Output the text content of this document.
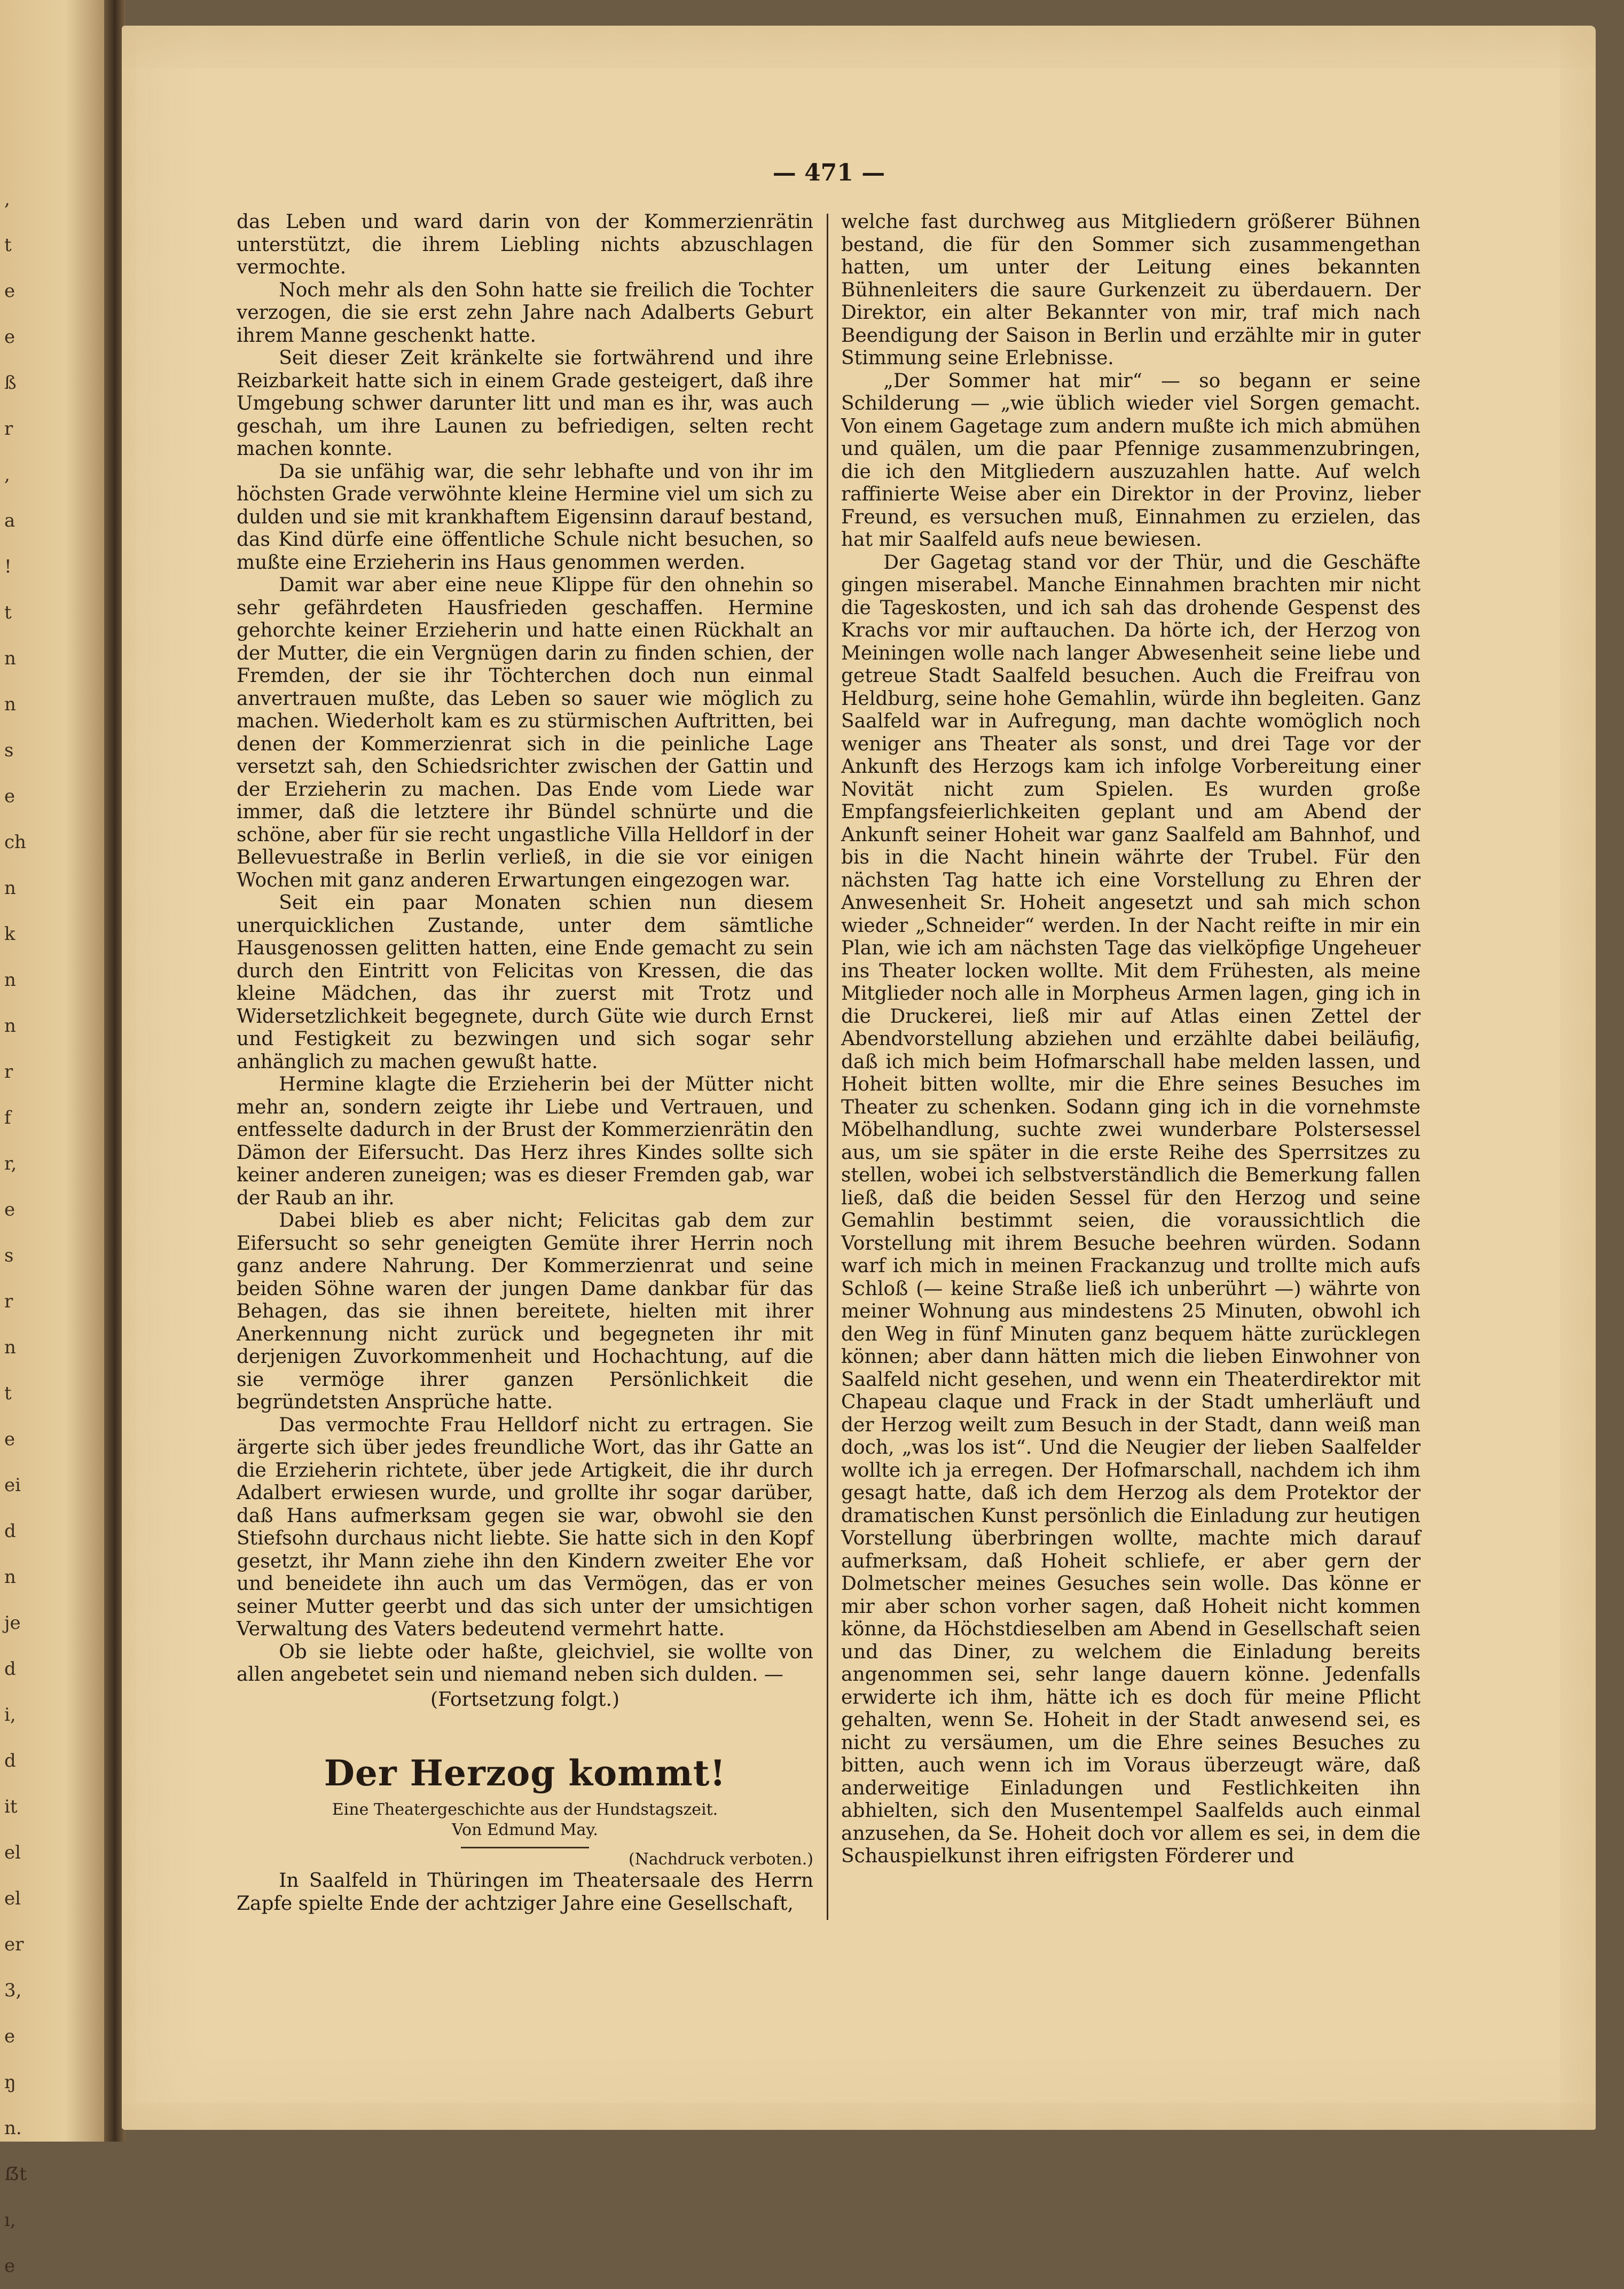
,
t
e
e
ß
r
,
a
!
t
n
n
s
e
ch
n
k
n
n
r
f
r,
e
s
r
n
t
e
ei
d
n
je
d
i,
d
it
el
el
er
3,
e
ŋ
n.
ẞt
ı,
e
— 471 —

das Leben und ward darin von der Kommerzienrätin unterstützt, die ihrem Liebling nichts abzuschlagen vermochte.

Noch mehr als den Sohn hatte sie freilich die Tochter verzogen, die sie erst zehn Jahre nach Adalberts Geburt ihrem Manne geschenkt hatte.

Seit dieser Zeit kränkelte sie fortwährend und ihre Reizbarkeit hatte sich in einem Grade gesteigert, daß ihre Umgebung schwer darunter litt und man es ihr, was auch geschah, um ihre Launen zu befriedigen, selten recht machen konnte.

Da sie unfähig war, die sehr lebhafte und von ihr im höchsten Grade verwöhnte kleine Hermine viel um sich zu dulden und sie mit krankhaftem Eigensinn darauf bestand, das Kind dürfe eine öffentliche Schule nicht besuchen, so mußte eine Erzieherin ins Haus genommen werden.

Damit war aber eine neue Klippe für den ohnehin so sehr gefährdeten Hausfrieden geschaffen. Hermine gehorchte keiner Erzieherin und hatte einen Rückhalt an der Mutter, die ein Vergnügen darin zu finden schien, der Fremden, der sie ihr Töchterchen doch nun einmal anvertrauen mußte, das Leben so sauer wie möglich zu machen. Wiederholt kam es zu stürmischen Auftritten, bei denen der Kommerzienrat sich in die peinliche Lage versetzt sah, den Schiedsrichter zwischen der Gattin und der Erzieherin zu machen. Das Ende vom Liede war immer, daß die letztere ihr Bündel schnürte und die schöne, aber für sie recht ungastliche Villa Helldorf in der Bellevuestraße in Berlin verließ, in die sie vor einigen Wochen mit ganz anderen Erwartungen eingezogen war.

Seit ein paar Monaten schien nun diesem unerquicklichen Zustande, unter dem sämtliche Hausgenossen gelitten hatten, eine Ende gemacht zu sein durch den Eintritt von Felicitas von Kressen, die das kleine Mädchen, das ihr zuerst mit Trotz und Widersetzlichkeit begegnete, durch Güte wie durch Ernst und Festigkeit zu bezwingen und sich sogar sehr anhänglich zu machen gewußt hatte.

Hermine klagte die Erzieherin bei der Mütter nicht mehr an, sondern zeigte ihr Liebe und Vertrauen, und entfesselte dadurch in der Brust der Kommerzienrätin den Dämon der Eifersucht. Das Herz ihres Kindes sollte sich keiner anderen zuneigen; was es dieser Fremden gab, war der Raub an ihr.

Dabei blieb es aber nicht; Felicitas gab dem zur Eifersucht so sehr geneigten Gemüte ihrer Herrin noch ganz andere Nahrung. Der Kommerzienrat und seine beiden Söhne waren der jungen Dame dankbar für das Behagen, das sie ihnen bereitete, hielten mit ihrer Anerkennung nicht zurück und begegneten ihr mit derjenigen Zuvorkommenheit und Hochachtung, auf die sie vermöge ihrer ganzen Persönlichkeit die begründetsten Ansprüche hatte.

Das vermochte Frau Helldorf nicht zu ertragen. Sie ärgerte sich über jedes freundliche Wort, das ihr Gatte an die Erzieherin richtete, über jede Artigkeit, die ihr durch Adalbert erwiesen wurde, und grollte ihr sogar darüber, daß Hans aufmerksam gegen sie war, obwohl sie den Stiefsohn durchaus nicht liebte. Sie hatte sich in den Kopf gesetzt, ihr Mann ziehe ihn den Kindern zweiter Ehe vor und beneidete ihn auch um das Vermögen, das er von seiner Mutter geerbt und das sich unter der umsichtigen Verwaltung des Vaters bedeutend vermehrt hatte.

Ob sie liebte oder haßte, gleichviel, sie wollte von allen angebetet sein und niemand neben sich dulden. —

(Fortsetzung folgt.)

Der Herzog kommt!

Eine Theatergeschichte aus der Hundstagszeit.

Von Edmund May.

(Nachdruck verboten.)

In Saalfeld in Thüringen im Theatersaale des Herrn Zapfe spielte Ende der achtziger Jahre eine Gesellschaft,

welche fast durchweg aus Mitgliedern größerer Bühnen bestand, die für den Sommer sich zusammengethan hatten, um unter der Leitung eines bekannten Bühnenleiters die saure Gurkenzeit zu überdauern. Der Direktor, ein alter Bekannter von mir, traf mich nach Beendigung der Saison in Berlin und erzählte mir in guter Stimmung seine Erlebnisse.

„Der Sommer hat mir“ — so begann er seine Schilderung — „wie üblich wieder viel Sorgen gemacht. Von einem Gagetage zum andern mußte ich mich abmühen und quälen, um die paar Pfennige zusammenzubringen, die ich den Mitgliedern auszuzahlen hatte. Auf welch raffinierte Weise aber ein Direktor in der Provinz, lieber Freund, es versuchen muß, Einnahmen zu erzielen, das hat mir Saalfeld aufs neue bewiesen.

Der Gagetag stand vor der Thür, und die Geschäfte gingen miserabel. Manche Einnahmen brachten mir nicht die Tageskosten, und ich sah das drohende Gespenst des Krachs vor mir auftauchen. Da hörte ich, der Herzog von Meiningen wolle nach langer Abwesenheit seine liebe und getreue Stadt Saalfeld besuchen. Auch die Freifrau von Heldburg, seine hohe Gemahlin, würde ihn begleiten. Ganz Saalfeld war in Aufregung, man dachte womöglich noch weniger ans Theater als sonst, und drei Tage vor der Ankunft des Herzogs kam ich infolge Vorbereitung einer Novität nicht zum Spielen. Es wurden große Empfangsfeierlichkeiten geplant und am Abend der Ankunft seiner Hoheit war ganz Saalfeld am Bahnhof, und bis in die Nacht hinein währte der Trubel. Für den nächsten Tag hatte ich eine Vorstellung zu Ehren der Anwesenheit Sr. Hoheit angesetzt und sah mich schon wieder „Schneider“ werden. In der Nacht reifte in mir ein Plan, wie ich am nächsten Tage das vielköpfige Ungeheuer ins Theater locken wollte. Mit dem Frühesten, als meine Mitglieder noch alle in Morpheus Armen lagen, ging ich in die Druckerei, ließ mir auf Atlas einen Zettel der Abendvorstellung abziehen und erzählte dabei beiläufig, daß ich mich beim Hofmarschall habe melden lassen, und Hoheit bitten wollte, mir die Ehre seines Besuches im Theater zu schenken. Sodann ging ich in die vornehmste Möbelhandlung, suchte zwei wunderbare Polstersessel aus, um sie später in die erste Reihe des Sperrsitzes zu stellen, wobei ich selbstverständlich die Bemerkung fallen ließ, daß die beiden Sessel für den Herzog und seine Gemahlin bestimmt seien, die voraussichtlich die Vorstellung mit ihrem Besuche beehren würden. Sodann warf ich mich in meinen Frackanzug und trollte mich aufs Schloß (— keine Straße ließ ich unberührt —) währte von meiner Wohnung aus mindestens 25 Minuten, obwohl ich den Weg in fünf Minuten ganz bequem hätte zurücklegen können; aber dann hätten mich die lieben Einwohner von Saalfeld nicht gesehen, und wenn ein Theaterdirektor mit Chapeau claque und Frack in der Stadt umherläuft und der Herzog weilt zum Besuch in der Stadt, dann weiß man doch, „was los ist“. Und die Neugier der lieben Saalfelder wollte ich ja erregen. Der Hofmarschall, nachdem ich ihm gesagt hatte, daß ich dem Herzog als dem Protektor der dramatischen Kunst persönlich die Einladung zur heutigen Vorstellung überbringen wollte, machte mich darauf aufmerksam, daß Hoheit schliefe, er aber gern der Dolmetscher meines Gesuches sein wolle. Das könne er mir aber schon vorher sagen, daß Hoheit nicht kommen könne, da Höchstdieselben am Abend in Gesellschaft seien und das Diner, zu welchem die Einladung bereits angenommen sei, sehr lange dauern könne. Jedenfalls erwiderte ich ihm, hätte ich es doch für meine Pflicht gehalten, wenn Se. Hoheit in der Stadt anwesend sei, es nicht zu versäumen, um die Ehre seines Besuches zu bitten, auch wenn ich im Voraus überzeugt wäre, daß anderweitige Einladungen und Festlichkeiten ihn abhielten, sich den Musentempel Saalfelds auch einmal anzusehen, da Se. Hoheit doch vor allem es sei, in dem die Schauspielkunst ihren eifrigsten Förderer und
